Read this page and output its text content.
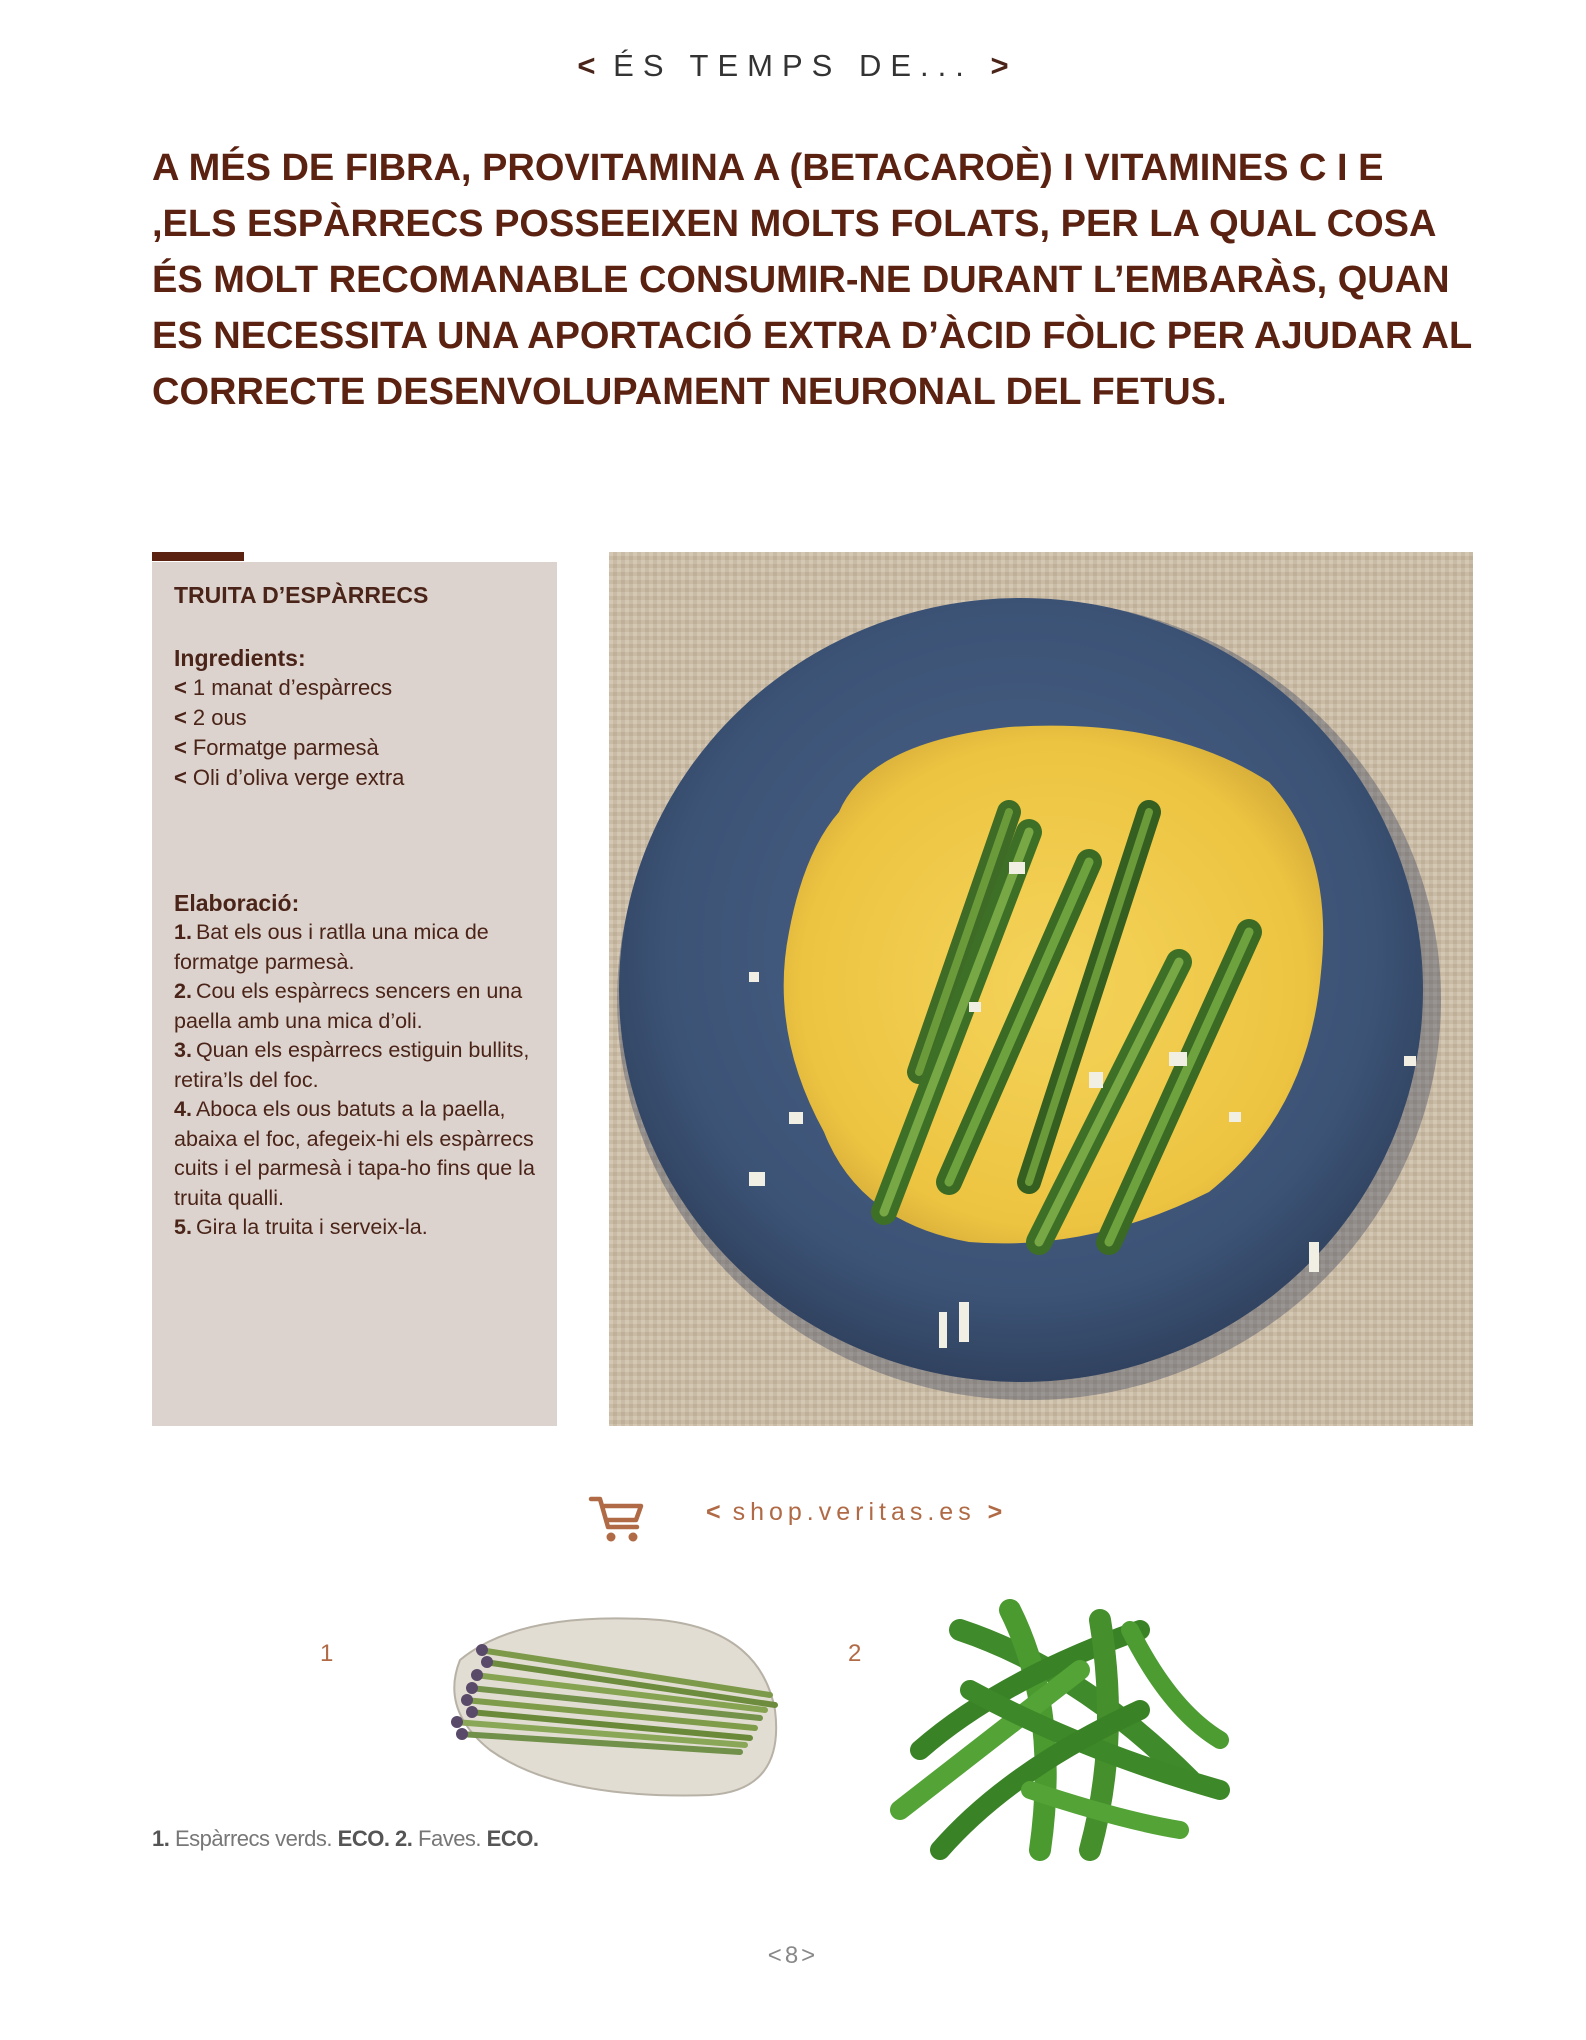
< ÉS TEMPS DE... >

A MÉS DE FIBRA, PROVITAMINA A (BETACAROÈ) I VITAMINES C I E ,ELS ESPÀRRECS POSSEEIXEN MOLTS FOLATS, PER LA QUAL COSA ÉS MOLT RECOMANABLE CONSUMIR-NE DURANT L’EMBARÀS, QUAN ES NECESSITA UNA APORTACIÓ EXTRA D’ÀCID FÒLIC PER AJUDAR AL CORRECTE DESENVOLUPAMENT NEURONAL DEL FETUS.

TRUITA D’ESPÀRRECS
Ingredients:
< 1 manat d’espàrrecs
< 2 ous
< Formatge parmesà
< Oli d’oliva verge extra
Elaboració:
1. Bat els ous i ratlla una mica de formatge parmesà.
2. Cou els espàrrecs sencers en una paella amb una mica d’oli.
3. Quan els espàrrecs estiguin bullits, retira’ls del foc.
4. Aboca els ous batuts a la paella, abaixa el foc, afegeix-hi els espàrrecs cuits i el parmesà i tapa-ho fins que la truita qualli.
5. Gira la truita i serveix-la.
< shop.veritas.es >
1	2
1. Espàrrecs verds. ECO. 2. Faves. ECO.
<8>
